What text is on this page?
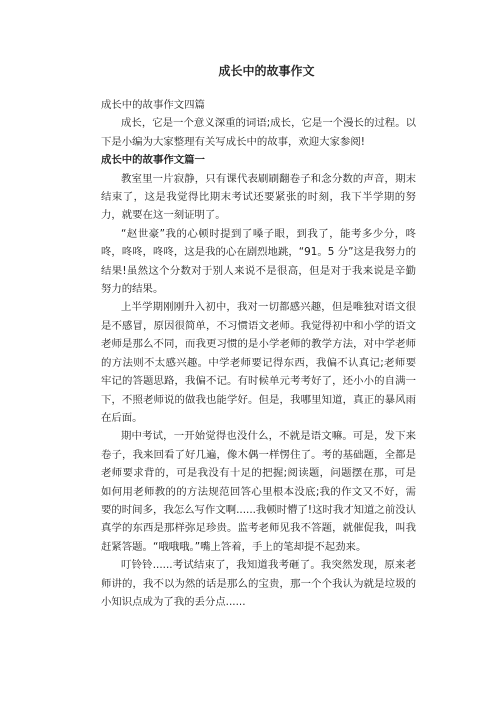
成长中的故事作文

成长中的故事作文四篇

成长，它是一个意义深重的词语;成长，它是一个漫长的过程。以下是小编为大家整理有关写成长中的故事，欢迎大家参阅!

成长中的故事作文篇一

教室里一片寂静，只有课代表刷刷翻卷子和念分数的声音，期末结束了，这是我觉得比期末考试还要紧张的时刻，我下半学期的努力，就要在这一刻证明了。

“赵世豪”我的心顿时提到了嗓子眼，到我了，能考多少分，咚咚，咚咚，咚咚，这是我的心在剧烈地跳，“91。5 分”这是我努力的结果!虽然这个分数对于别人来说不是很高，但是对于我来说是辛勤努力的结果。

上半学期刚刚升入初中，我对一切都感兴趣，但是唯独对语文很是不感冒，原因很简单，不习惯语文老师。我觉得初中和小学的语文老师是那么不同，而我更习惯的是小学老师的教学方法，对中学老师的方法则不太感兴趣。中学老师要记得东西，我偏不认真记;老师要牢记的答题思路，我偏不记。有时候单元考考好了，还小小的自满一下，不照老师说的做我也能学好。但是，我哪里知道，真正的暴风雨在后面。

期中考试，一开始觉得也没什么，不就是语文嘛。可是，发下来卷子，我来回看了好几遍，像木偶一样愣住了。考的基础题，全都是老师要求背的，可是我没有十足的把握;阅读题，问题摆在那，可是如何用老师教的的方法规范回答心里根本没底;我的作文又不好，需要的时间多，我怎么写作文啊......我顿时懵了!这时我才知道之前没认真学的东西是那样弥足珍贵。监考老师见我不答题，就催促我，叫我赶紧答题。“哦哦哦。”嘴上答着，手上的笔却提不起劲来。

叮铃铃......考试结束了，我知道我考砸了。我突然发现，原来老师讲的，我不以为然的话是那么的宝贵，那一个个我认为就是垃圾的小知识点成为了我的丢分点......
